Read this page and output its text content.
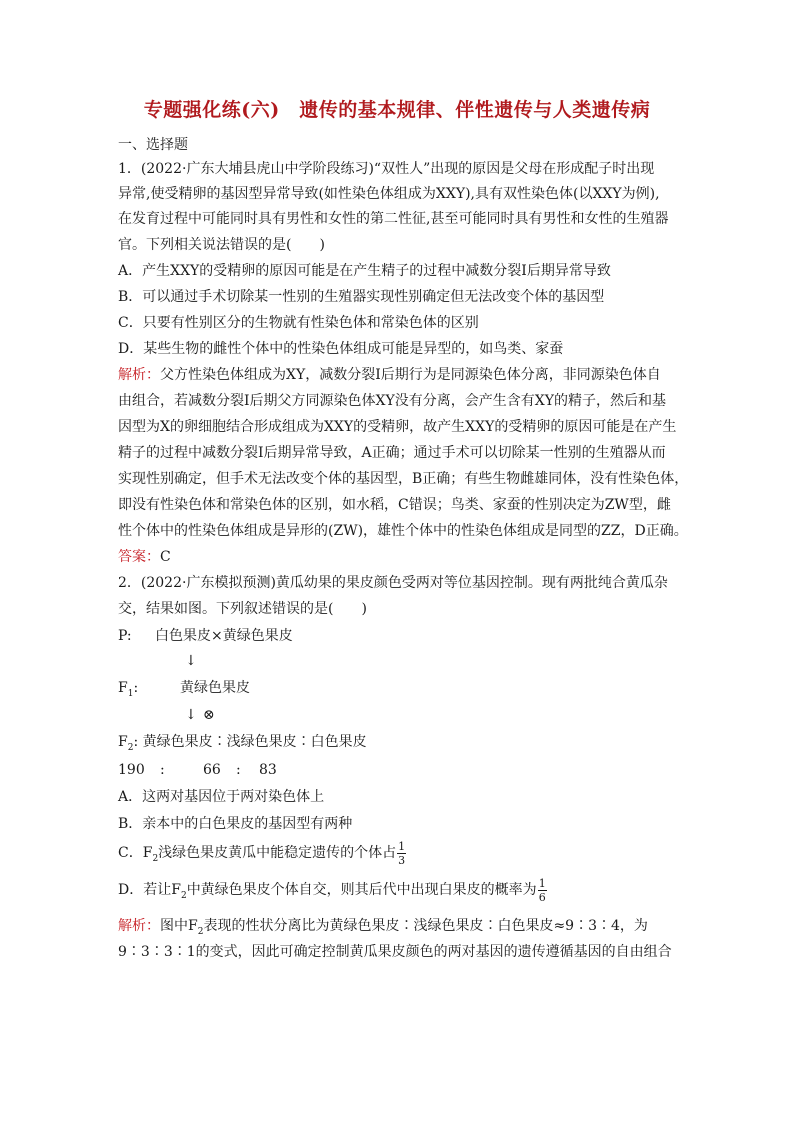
专题强化练(六)　遗传的基本规律、伴性遗传与人类遗传病
一、选择题
1．(2022·广东大埔县虎山中学阶段练习)“双性人”出现的原因是父母在形成配子时出现
异常,使受精卵的基因型异常导致(如性染色体组成为XXY),具有双性染色体(以XXY为例),
在发育过程中可能同时具有男性和女性的第二性征,甚至可能同时具有男性和女性的生殖器
官。下列相关说法错误的是(　　)
A．产生XXY的受精卵的原因可能是在产生精子的过程中减数分裂Ⅰ后期异常导致
B．可以通过手术切除某一性别的生殖器实现性别确定但无法改变个体的基因型
C．只要有性别区分的生物就有性染色体和常染色体的区别
D．某些生物的雌性个体中的性染色体组成可能是异型的，如鸟类、家蚕
解析：父方性染色体组成为XY，减数分裂Ⅰ后期行为是同源染色体分离，非同源染色体自
由组合，若减数分裂Ⅰ后期父方同源染色体XY没有分离，会产生含有XY的精子，然后和基
因型为X的卵细胞结合形成组成为XXY的受精卵，故产生XXY的受精卵的原因可能是在产生
精子的过程中减数分裂Ⅰ后期异常导致，A正确；通过手术可以切除某一性别的生殖器从而
实现性别确定，但手术无法改变个体的基因型，B正确；有些生物雌雄同体，没有性染色体，
即没有性染色体和常染色体的区别，如水稻，C错误；鸟类、家蚕的性别决定为ZW型，雌
性个体中的性染色体组成是异形的(ZW)，雄性个体中的性染色体组成是同型的ZZ，D正确。
答案：C
2．(2022·广东模拟预测)黄瓜幼果的果皮颜色受两对等位基因控制。现有两批纯合黄瓜杂
交，结果如图。下列叙述错误的是(　　)
P: 白色果皮×黄绿色果皮
↓
$F_1$:	黄绿色果皮
↓ ⊗
$F_2$: 黄绿色果皮∶浅绿色果皮∶白色果皮
190 :	66 : 83
A．这两对基因位于两对染色体上
B．亲本中的白色果皮的基因型有两种
C．$F_2$浅绿色果皮黄瓜中能稳定遗传的个体占 $\frac{1}{3}$
D．若让$F_2$中黄绿色果皮个体自交，则其后代中出现白果皮的概率为 $\frac{1}{6}$
解析：图中$F_2$表现的性状分离比为黄绿色果皮∶浅绿色果皮∶白色果皮≈9∶3∶4，为
9∶3∶3∶1的变式，因此可确定控制黄瓜果皮颜色的两对基因的遗传遵循基因的自由组合
